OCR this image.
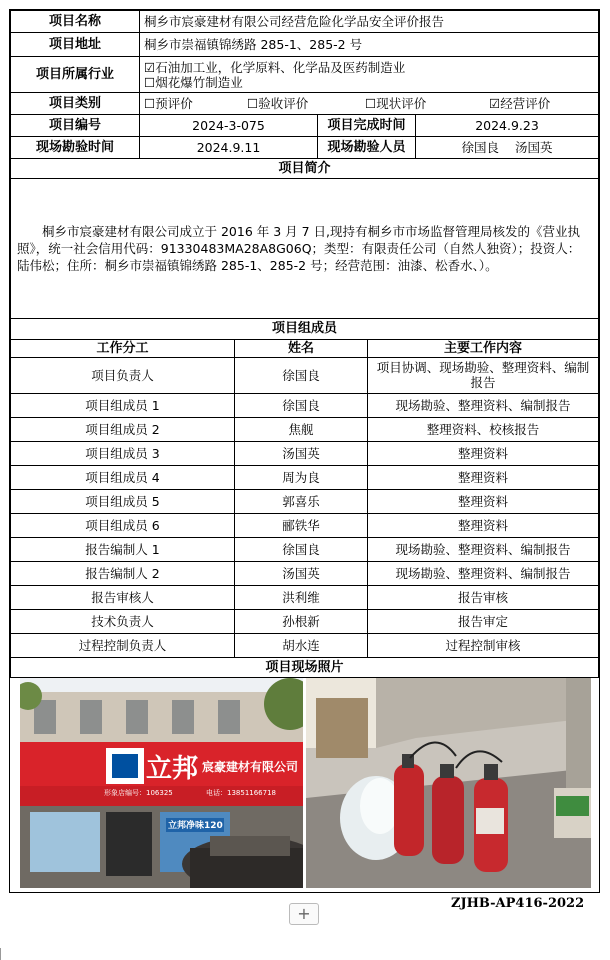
项目名称	桐乡市宸豪建材有限公司经营危险化学品安全评价报告		
项目地址	桐乡市崇福镇锦绣路 285-1、285-2 号		
项目所属行业	☑石油加工业，化学原料、化学品及医药制造业
☐烟花爆竹制造业		

项目类别	☐预评价 ☐验收评价 ☐现状评价 ☑经营评价		

项目编号	2024-3-075	项目完成时间	2024.9.23
现场勘验时间	2024.9.11	现场勘验人员	徐国良    汤国英
项目简介			
桐乡市宸豪建材有限公司成立于 2016 年 3 月 7 日,现持有桐乡市市场监督管理局核发的《营业执照》，统一社会信用代码：91330483MA28A8G06Q；类型：有限责任公司（自然人独资）；投资人：陆伟松；住所：桐乡市崇福镇锦绣路 285-1、285-2 号；经营范围：油漆、松香水、）。			
项目组成员		
工作分工	姓名	主要工作内容
项目负责人	徐国良	项目协调、现场勘验、整理资料、编制报告
项目组成员 1	徐国良	现场勘验、整理资料、编制报告
项目组成员 2	焦舰	整理资料、校核报告
项目组成员 3	汤国英	整理资料
项目组成员 4	周为良	整理资料
项目组成员 5	郭喜乐	整理资料
项目组成员 6	郦铁华	整理资料
报告编制人 1	徐国良	现场勘验、整理资料、编制报告
报告编制人 2	汤国英	现场勘验、整理资料、编制报告
报告审核人	洪利维	报告审核
技术负责人	孙根新	报告审定
过程控制负责人	胡水连	过程控制审核
项目现场照片		
立邦 宸豪建材有限公司
形象店编号：106325	电话：13851166718
立邦净味120
+
ZJHB-AP416-2022
